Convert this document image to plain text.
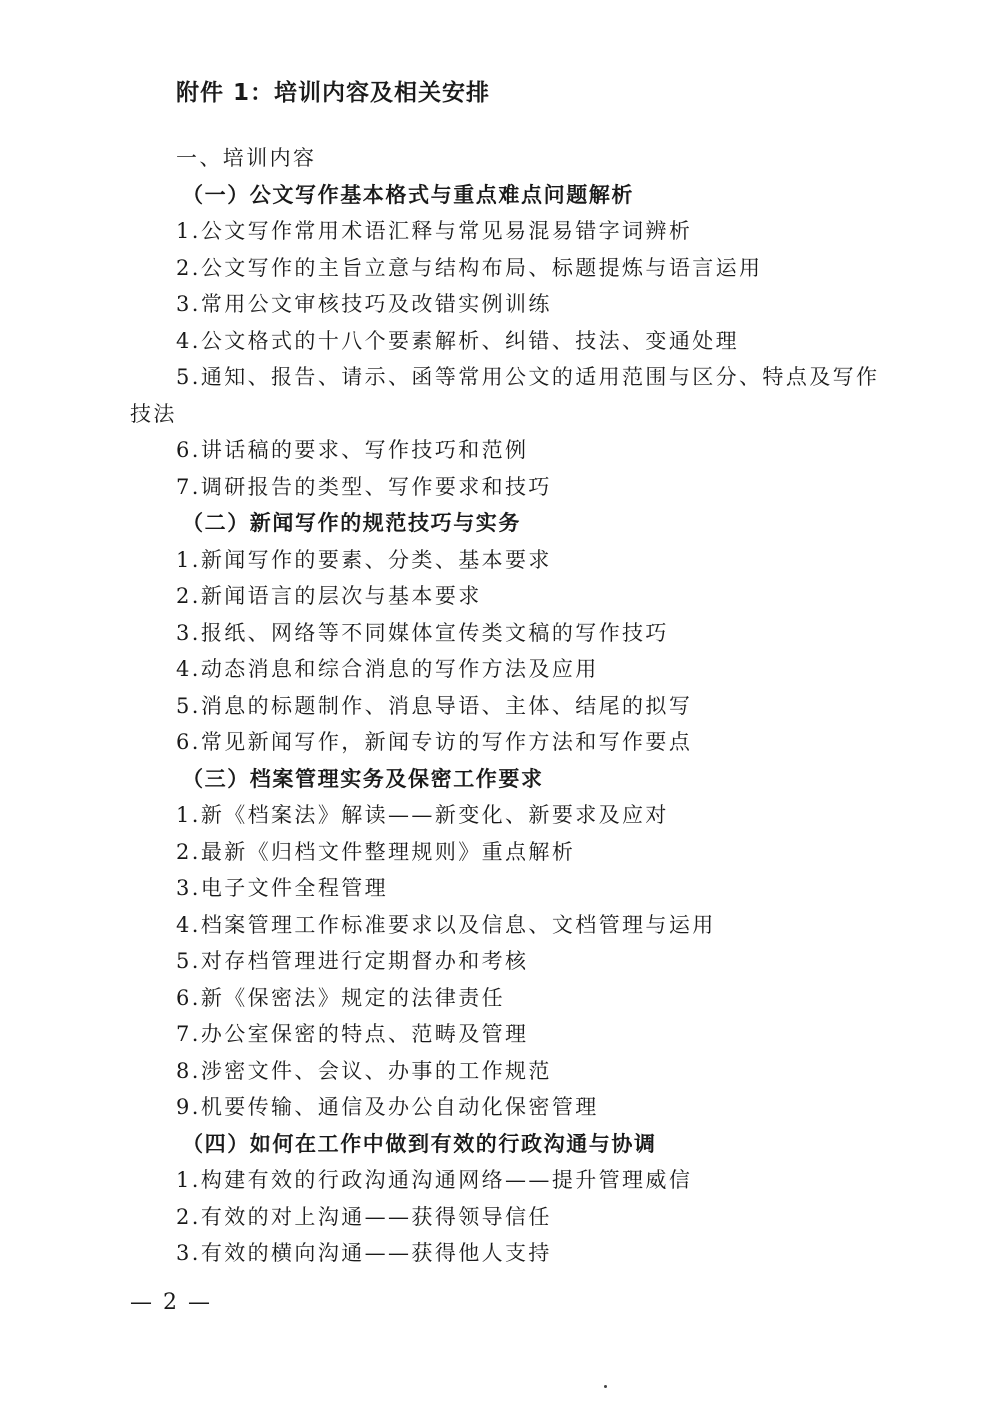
附件 1：培训内容及相关安排

一、培训内容

（一）公文写作基本格式与重点难点问题解析

1.公文写作常用术语汇释与常见易混易错字词辨析

2.公文写作的主旨立意与结构布局、标题提炼与语言运用

3.常用公文审核技巧及改错实例训练

4.公文格式的十八个要素解析、纠错、技法、变通处理

5.通知、报告、请示、函等常用公文的适用范围与区分、特点及写作技法

6.讲话稿的要求、写作技巧和范例

7.调研报告的类型、写作要求和技巧

（二）新闻写作的规范技巧与实务

1.新闻写作的要素、分类、基本要求

2.新闻语言的层次与基本要求

3.报纸、网络等不同媒体宣传类文稿的写作技巧

4.动态消息和综合消息的写作方法及应用

5.消息的标题制作、消息导语、主体、结尾的拟写

6.常见新闻写作，新闻专访的写作方法和写作要点

（三）档案管理实务及保密工作要求

1.新《档案法》解读——新变化、新要求及应对

2.最新《归档文件整理规则》重点解析

3.电子文件全程管理

4.档案管理工作标准要求以及信息、文档管理与运用

5.对存档管理进行定期督办和考核

6.新《保密法》规定的法律责任

7.办公室保密的特点、范畴及管理

8.涉密文件、会议、办事的工作规范

9.机要传输、通信及办公自动化保密管理

（四）如何在工作中做到有效的行政沟通与协调

1.构建有效的行政沟通沟通网络——提升管理威信

2.有效的对上沟通——获得领导信任

3.有效的横向沟通——获得他人支持

— 2 —
